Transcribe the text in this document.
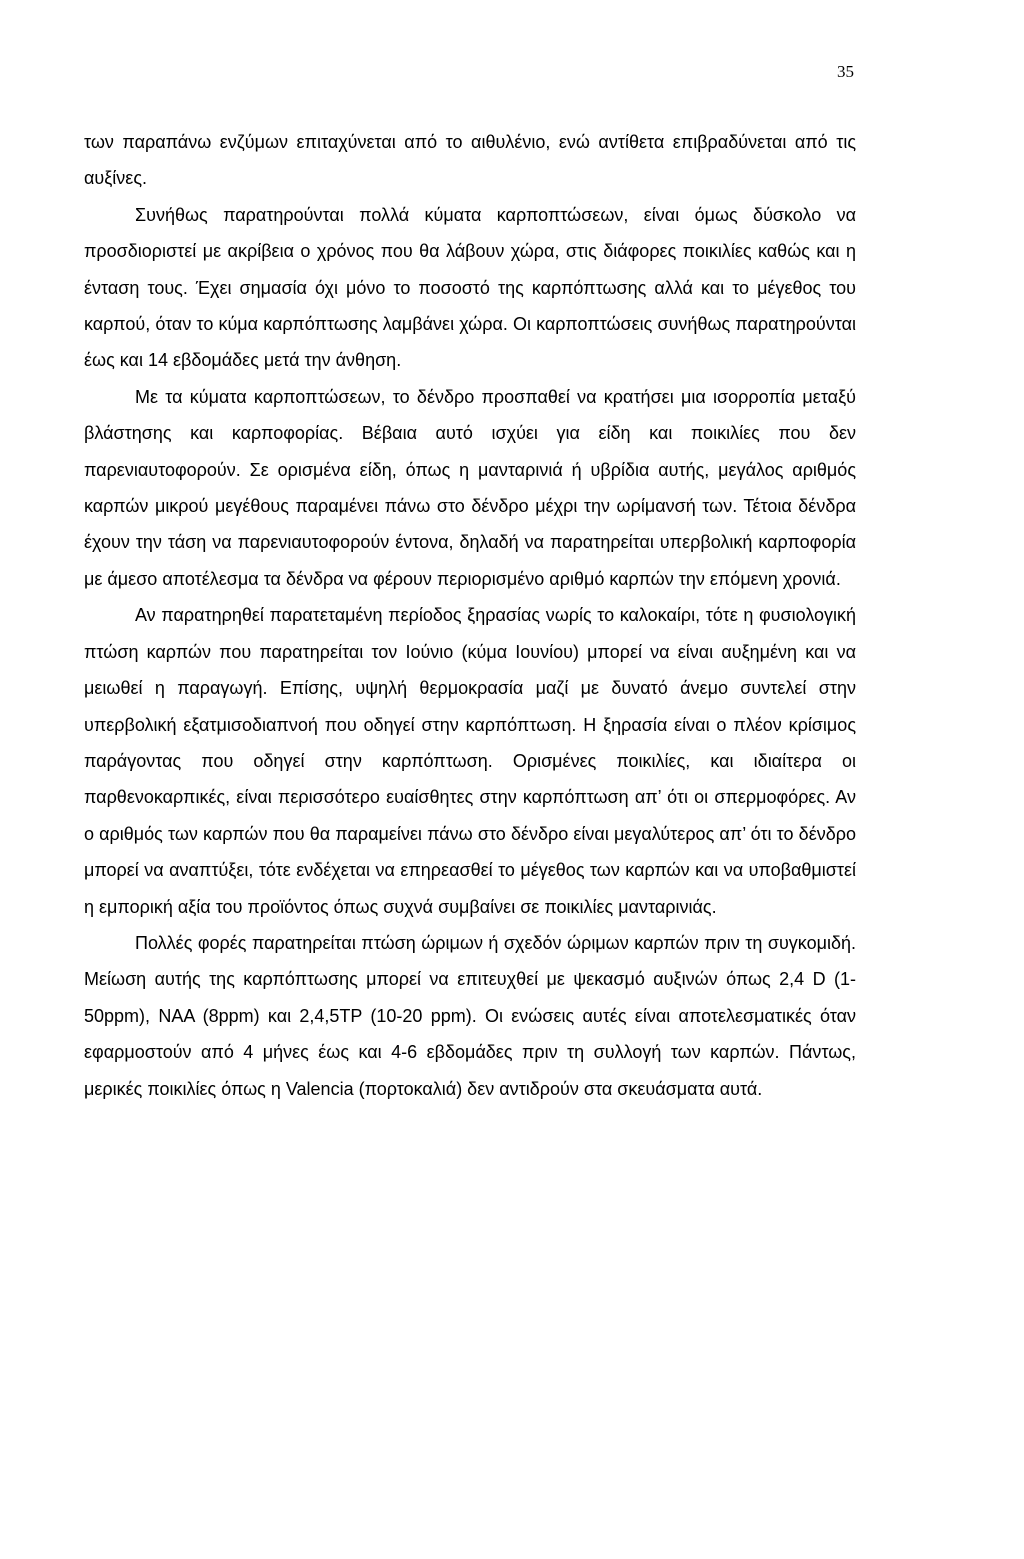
35

των παραπάνω ενζύμων επιταχύνεται από το αιθυλένιο, ενώ αντίθετα επιβραδύνεται από τις αυξίνες.

Συνήθως παρατηρούνται πολλά κύματα καρποπτώσεων, είναι όμως δύσκολο να προσδιοριστεί με ακρίβεια ο χρόνος που θα λάβουν χώρα, στις διάφορες ποικιλίες καθώς και η ένταση τους. Έχει σημασία όχι μόνο το ποσοστό της καρπόπτωσης αλλά και το μέγεθος του καρπού, όταν το κύμα καρπόπτωσης λαμβάνει χώρα. Οι καρποπτώσεις συνήθως παρατηρούνται έως και 14 εβδομάδες μετά την άνθηση.

Με τα κύματα καρποπτώσεων, το δένδρο προσπαθεί να κρατήσει μια ισορροπία μεταξύ βλάστησης και καρποφορίας. Βέβαια αυτό ισχύει για είδη και ποικιλίες που δεν παρενιαυτοφορούν. Σε ορισμένα είδη, όπως η μανταρινιά ή υβρίδια αυτής, μεγάλος αριθμός καρπών μικρού μεγέθους παραμένει πάνω στο δένδρο μέχρι την ωρίμανσή των. Τέτοια δένδρα έχουν την τάση να παρενιαυτοφορούν έντονα, δηλαδή να παρατηρείται υπερβολική καρποφορία με άμεσο αποτέλεσμα τα δένδρα να φέρουν περιορισμένο αριθμό καρπών την επόμενη χρονιά.

Αν παρατηρηθεί παρατεταμένη περίοδος ξηρασίας νωρίς το καλοκαίρι, τότε η φυσιολογική πτώση καρπών που παρατηρείται τον Ιούνιο (κύμα Ιουνίου) μπορεί να είναι αυξημένη και να μειωθεί η παραγωγή. Επίσης, υψηλή θερμοκρασία μαζί με δυνατό άνεμο συντελεί στην υπερβολική εξατμισοδιαπνοή που οδηγεί στην καρπόπτωση. Η ξηρασία είναι ο πλέον κρίσιμος παράγοντας που οδηγεί στην καρπόπτωση. Ορισμένες ποικιλίες, και ιδιαίτερα οι παρθενοκαρπικές, είναι περισσότερο ευαίσθητες στην καρπόπτωση απ’ ότι οι σπερμοφόρες. Αν ο αριθμός των καρπών που θα παραμείνει πάνω στο δένδρο είναι μεγαλύτερος απ’ ότι το δένδρο μπορεί να αναπτύξει, τότε ενδέχεται να επηρεασθεί το μέγεθος των καρπών και να υποβαθμιστεί η εμπορική αξία του προϊόντος όπως συχνά συμβαίνει σε ποικιλίες μανταρινιάς.

Πολλές φορές παρατηρείται πτώση ώριμων ή σχεδόν ώριμων καρπών πριν τη συγκομιδή. Μείωση αυτής της καρπόπτωσης μπορεί να επιτευχθεί με ψεκασμό αυξινών όπως 2,4 D (1-50ppm), ΝΑΑ (8ppm) και 2,4,5ΤΡ (10-20 ppm). Οι ενώσεις αυτές είναι αποτελεσματικές όταν εφαρμοστούν από 4 μήνες έως και 4-6 εβδομάδες πριν τη συλλογή των καρπών. Πάντως, μερικές ποικιλίες όπως η Valencia (πορτοκαλιά) δεν αντιδρούν στα σκευάσματα αυτά.
